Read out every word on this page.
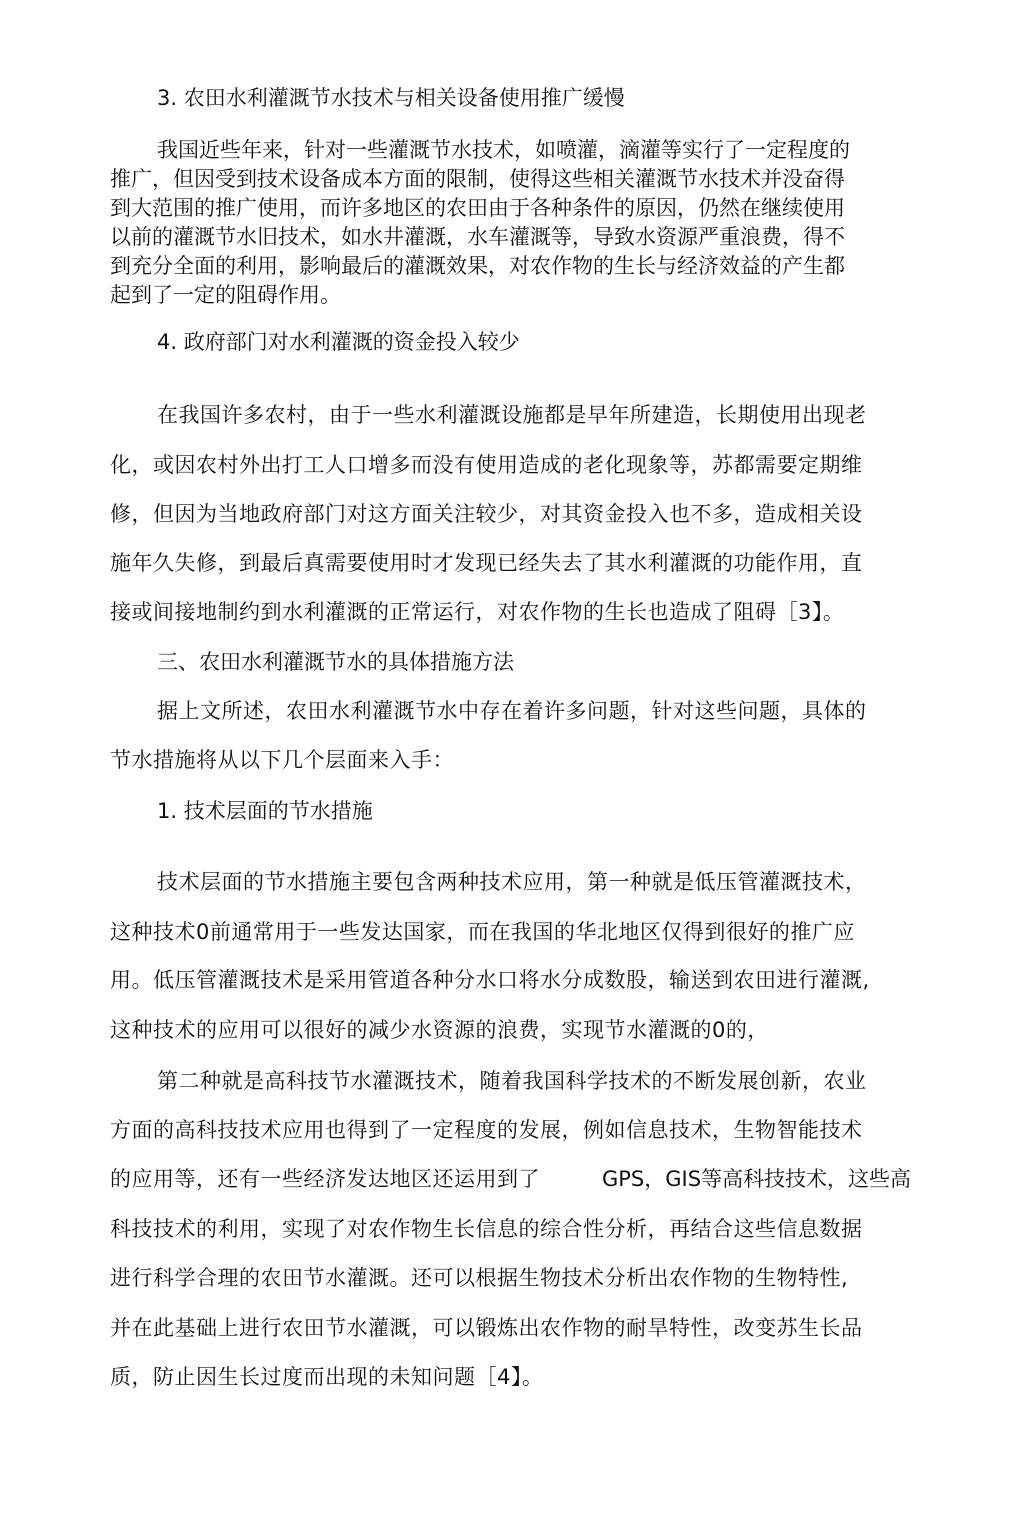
3. 农田水利灌溉节水技术与相关设备使用推广缓慢

我国近些年来，针对一些灌溉节水技术，如喷灌，滴灌等实行了一定程度的

推广，但因受到技术设备成本方面的限制，使得这些相关灌溉节水技术并没奋得

到大范围的推广使用，而许多地区的农田由于各种条件的原因，仍然在继续使用

以前的灌溉节水旧技术，如水井灌溉，水车灌溉等，导致水资源严重浪费，得不

到充分全面的利用，影响最后的灌溉效果，对农作物的生长与经济效益的产生都

起到了一定的阻碍作用。

4. 政府部门对水利灌溉的资金投入较少

在我国许多农村，由于一些水利灌溉设施都是早年所建造，长期使用出现老

化，或因农村外出打工人口增多而没有使用造成的老化现象等，苏都需要定期维

修，但因为当地政府部门对这方面关注较少，对其资金投入也不多，造成相关设

施年久失修，到最后真需要使用时才发现已经失去了其水利灌溉的功能作用，直

接或间接地制约到水利灌溉的正常运行，对农作物的生长也造成了阻碍［3】。

三、农田水利灌溉节水的具体措施方法

据上文所述，农田水利灌溉节水中存在着许多问题，针对这些问题，具体的

节水措施将从以下几个层面来入手：

1. 技术层面的节水措施

技术层面的节水措施主要包含两种技术应用，第一种就是低压管灌溉技术，

这种技术0前通常用于一些发达国家，而在我国的华北地区仅得到很好的推广应

用。低压管灌溉技术是采用管道各种分水口将水分成数股，输送到农田进行灌溉,

这种技术的应用可以很好的减少水资源的浪费，实现节水灌溉的0的，

第二种就是高科技节水灌溉技术，随着我国科学技术的不断发展创新，农业

方面的高科技技术应用也得到了一定程度的发展，例如信息技术，生物智能技术

的应用等，还有一些经济发达地区还运用到了	GPS，GIS等高科技技术，这些高

科技技术的利用，实现了对农作物生长信息的综合性分析，再结合这些信息数据

进行科学合理的农田节水灌溉。还可以根据生物技术分析出农作物的生物特性,

并在此基础上进行农田节水灌溉，可以锻炼出农作物的耐旱特性，改变苏生长品

质，防止因生长过度而出现的未知问题［4】。
